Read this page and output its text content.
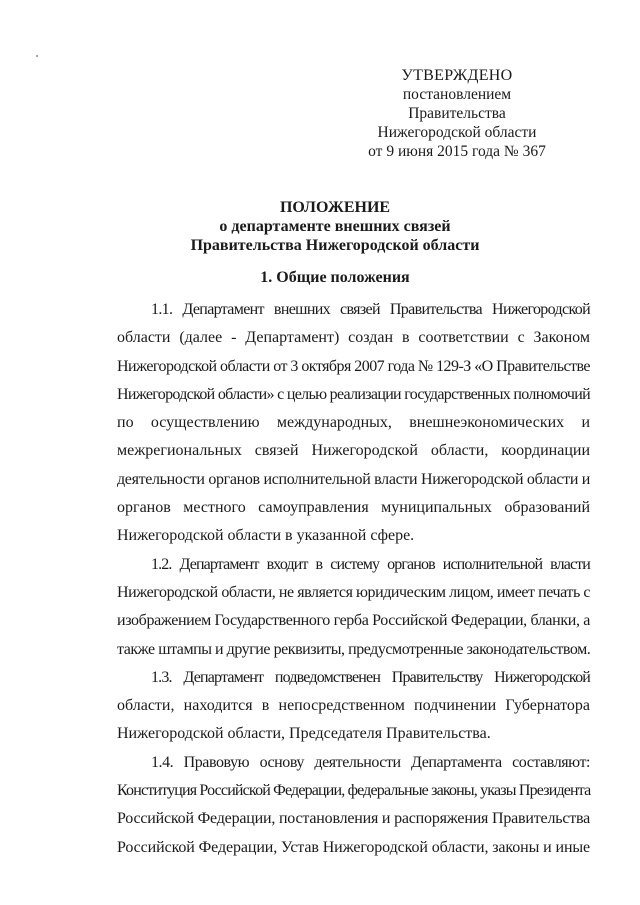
УТВЕРЖДЕНО
постановлением Правительства
Нижегородской области
от 9 июня 2015 года № 367
ПОЛОЖЕНИЕ
о департаменте внешних связей
Правительства Нижегородской области
1. Общие положения
1.1. Департамент внешних связей Правительства Нижегородской
области (далее - Департамент) создан в соответствии с Законом
Нижегородской области от 3 октября 2007 года № 129-З «О Правительстве
Нижегородской области» с целью реализации государственных полномочий
по осуществлению международных, внешнеэкономических и
межрегиональных связей Нижегородской области, координации
деятельности органов исполнительной власти Нижегородской области и
органов местного самоуправления муниципальных образований
Нижегородской области в указанной сфере.
1.2. Департамент входит в систему органов исполнительной власти
Нижегородской области, не является юридическим лицом, имеет печать с
изображением Государственного герба Российской Федерации, бланки, а
также штампы и другие реквизиты, предусмотренные законодательством.
1.3. Департамент подведомственен Правительству Нижегородской
области, находится в непосредственном подчинении Губернатора
Нижегородской области, Председателя Правительства.
1.4. Правовую основу деятельности Департамента составляют:
Конституция Российской Федерации, федеральные законы, указы Президента
Российской Федерации, постановления и распоряжения Правительства
Российской Федерации, Устав Нижегородской области, законы и иные
